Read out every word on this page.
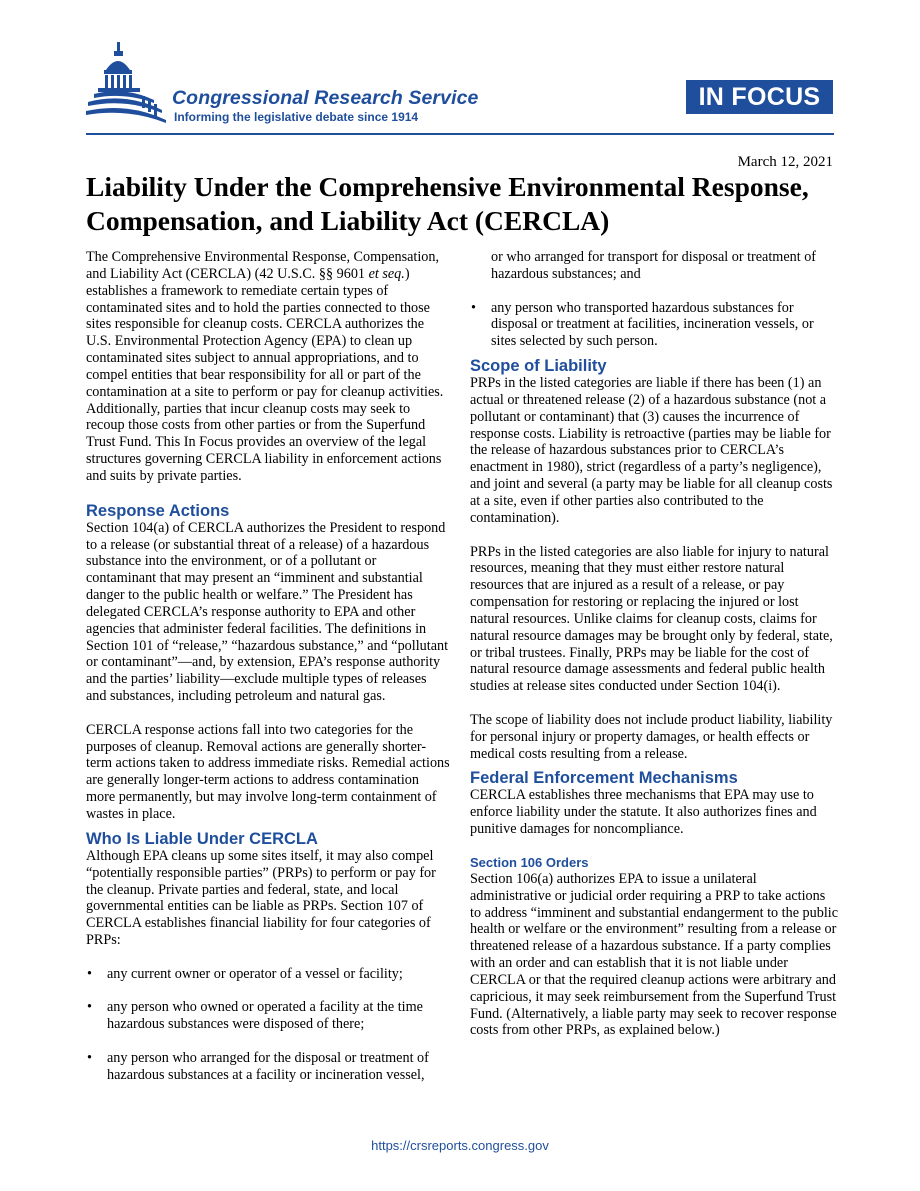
Congressional Research Service
Informing the legislative debate since 1914
IN FOCUS
March 12, 2021
Liability Under the Comprehensive Environmental Response, Compensation, and Liability Act (CERCLA)

The Comprehensive Environmental Response, Compensation, and Liability Act (CERCLA) (42 U.S.C. §§ 9601 et seq.) establishes a framework to remediate certain types of contaminated sites and to hold the parties connected to those sites responsible for cleanup costs. CERCLA authorizes the U.S. Environmental Protection Agency (EPA) to clean up contaminated sites subject to annual appropriations, and to compel entities that bear responsibility for all or part of the contamination at a site to perform or pay for cleanup activities. Additionally, parties that incur cleanup costs may seek to recoup those costs from other parties or from the Superfund Trust Fund. This In Focus provides an overview of the legal structures governing CERCLA liability in enforcement actions and suits by private parties.

Response Actions

Section 104(a) of CERCLA authorizes the President to respond to a release (or substantial threat of a release) of a hazardous substance into the environment, or of a pollutant or contaminant that may present an “imminent and substantial danger to the public health or welfare.” The President has delegated CERCLA’s response authority to EPA and other agencies that administer federal facilities. The definitions in Section 101 of “release,” “hazardous substance,” and “pollutant or contaminant”—and, by extension, EPA’s response authority and the parties’ liability—exclude multiple types of releases and substances, including petroleum and natural gas.

CERCLA response actions fall into two categories for the purposes of cleanup. Removal actions are generally shorter-term actions taken to address immediate risks. Remedial actions are generally longer-term actions to address contamination more permanently, but may involve long-term containment of wastes in place.

Who Is Liable Under CERCLA

Although EPA cleans up some sites itself, it may also compel “potentially responsible parties” (PRPs) to perform or pay for the cleanup. Private parties and federal, state, and local governmental entities can be liable as PRPs. Section 107 of CERCLA establishes financial liability for four categories of PRPs:

• any current owner or operator of a vessel or facility;
• any person who owned or operated a facility at the time hazardous substances were disposed of there;
• any person who arranged for the disposal or treatment of hazardous substances at a facility or incineration vessel,
or who arranged for transport for disposal or treatment of hazardous substances; and
• any person who transported hazardous substances for disposal or treatment at facilities, incineration vessels, or sites selected by such person.
Scope of Liability

PRPs in the listed categories are liable if there has been (1) an actual or threatened release (2) of a hazardous substance (not a pollutant or contaminant) that (3) causes the incurrence of response costs. Liability is retroactive (parties may be liable for the release of hazardous substances prior to CERCLA’s enactment in 1980), strict (regardless of a party’s negligence), and joint and several (a party may be liable for all cleanup costs at a site, even if other parties also contributed to the contamination).

PRPs in the listed categories are also liable for injury to natural resources, meaning that they must either restore natural resources that are injured as a result of a release, or pay compensation for restoring or replacing the injured or lost natural resources. Unlike claims for cleanup costs, claims for natural resource damages may be brought only by federal, state, or tribal trustees. Finally, PRPs may be liable for the cost of natural resource damage assessments and federal public health studies at release sites conducted under Section 104(i).

The scope of liability does not include product liability, liability for personal injury or property damages, or health effects or medical costs resulting from a release.

Federal Enforcement Mechanisms

CERCLA establishes three mechanisms that EPA may use to enforce liability under the statute. It also authorizes fines and punitive damages for noncompliance.

Section 106 Orders

Section 106(a) authorizes EPA to issue a unilateral administrative or judicial order requiring a PRP to take actions to address “imminent and substantial endangerment to the public health or welfare or the environment” resulting from a release or threatened release of a hazardous substance. If a party complies with an order and can establish that it is not liable under CERCLA or that the required cleanup actions were arbitrary and capricious, it may seek reimbursement from the Superfund Trust Fund. (Alternatively, a liable party may seek to recover response costs from other PRPs, as explained below.)

https://crsreports.congress.gov
